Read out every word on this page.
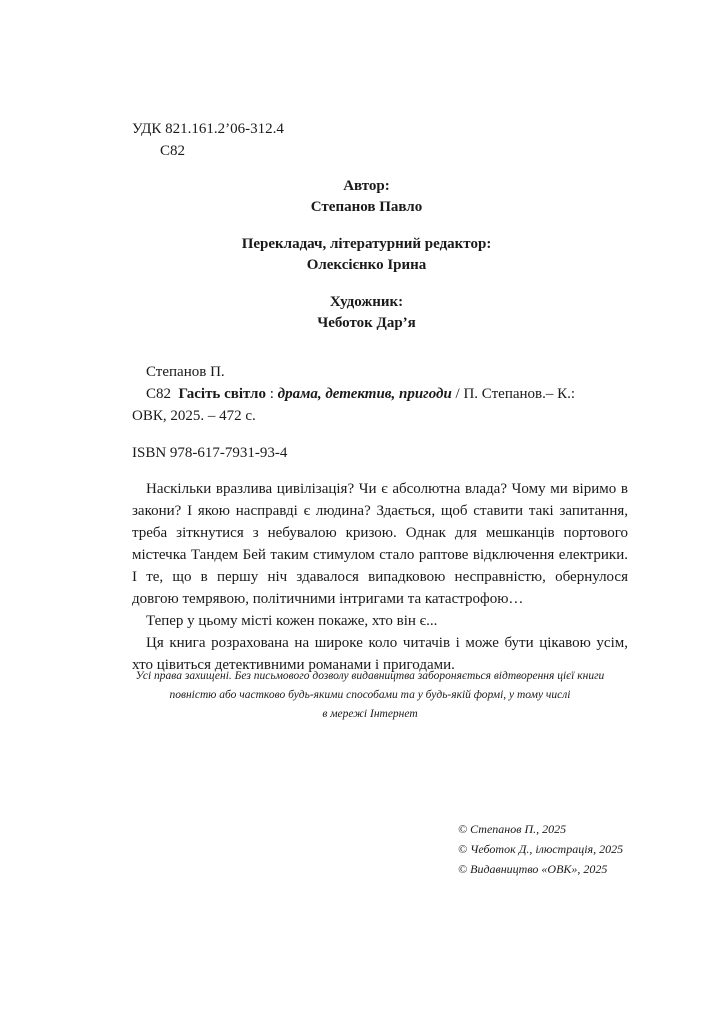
УДК 821.161.2’06-312.4
С82
Автор:
Степанов Павло
Перекладач, літературний редактор:
Олексієнко Ірина
Художник:
Чеботок Дар’я
Степанов П.
С82 Гасіть світло : драма, детектив, пригоди / П. Степанов.– К.:
ОВК, 2025. – 472 с.
ISBN 978-617-7931-93-4

Наскільки вразлива цивілізація? Чи є абсолютна влада? Чому ми віримо в закони? І якою насправді є людина? Здається, щоб ставити такі запитання, треба зіткнутися з небувалою кризою. Однак для мешканців портового містечка Тандем Бей таким стимулом стало раптове відключення електрики. І те, що в першу ніч здавалося випадковою несправністю, обернулося довгою темрявою, політичними інтригами та катастрофою…

Тепер у цьому місті кожен покаже, хто він є...

Ця книга розрахована на широке коло читачів і може бути цікавою усім, хто цівиться детективними романами і пригодами.

Усі права захищені. Без письмового дозволу видавництва забороняється відтворення цієї книги
повністю або частково будь-якими способами та у будь-якій формі, у тому числі
в мережі Інтернет
© Степанов П., 2025
© Чеботок Д., ілюстрація, 2025
© Видавництво «ОВК», 2025
